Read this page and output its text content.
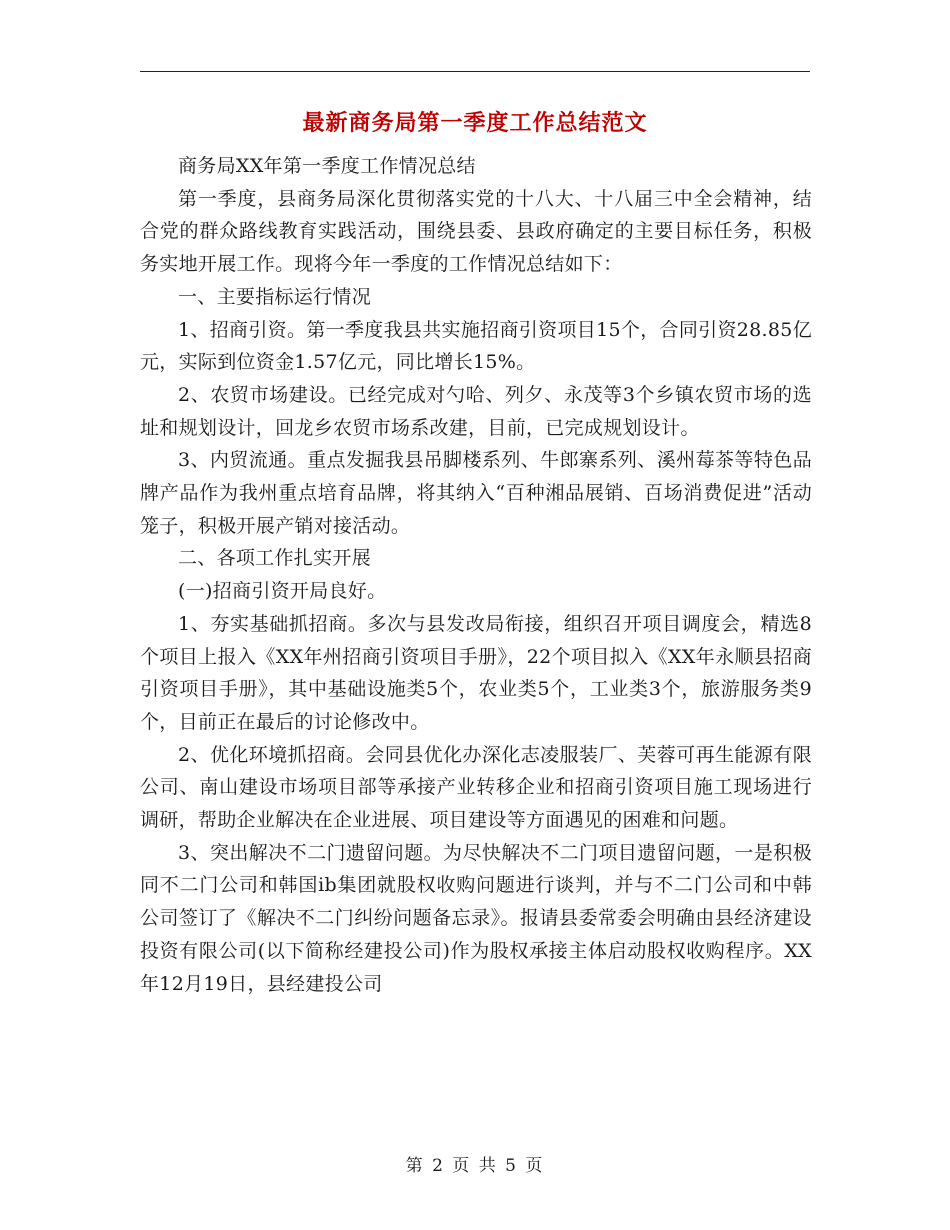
最新商务局第一季度工作总结范文

商务局XX年第一季度工作情况总结

第一季度，县商务局深化贯彻落实党的十八大、十八届三中全会精神，结合党的群众路线教育实践活动，围绕县委、县政府确定的主要目标任务，积极务实地开展工作。现将今年一季度的工作情况总结如下：

一、主要指标运行情况

1、招商引资。第一季度我县共实施招商引资项目15个，合同引资28.85亿元，实际到位资金1.57亿元，同比增长15%。

2、农贸市场建设。已经完成对勺哈、列夕、永茂等3个乡镇农贸市场的选址和规划设计，回龙乡农贸市场系改建，目前，已完成规划设计。

3、内贸流通。重点发掘我县吊脚楼系列、牛郎寨系列、溪州莓茶等特色品牌产品作为我州重点培育品牌，将其纳入“百种湘品展销、百场消费促进”活动笼子，积极开展产销对接活动。

二、各项工作扎实开展

(一)招商引资开局良好。

1、夯实基础抓招商。多次与县发改局衔接，组织召开项目调度会，精选8个项目上报入《XX年州招商引资项目手册》，22个项目拟入《XX年永顺县招商引资项目手册》，其中基础设施类5个，农业类5个，工业类3个，旅游服务类9个，目前正在最后的讨论修改中。

2、优化环境抓招商。会同县优化办深化志凌服装厂、芙蓉可再生能源有限公司、南山建设市场项目部等承接产业转移企业和招商引资项目施工现场进行调研，帮助企业解决在企业进展、项目建设等方面遇见的困难和问题。

3、突出解决不二门遗留问题。为尽快解决不二门项目遗留问题，一是积极同不二门公司和韩国ib集团就股权收购问题进行谈判，并与不二门公司和中韩公司签订了《解决不二门纠纷问题备忘录》。报请县委常委会明确由县经济建设投资有限公司(以下简称经建投公司)作为股权承接主体启动股权收购程序。XX年12月19日，县经建投公司

第 2 页 共 5 页
